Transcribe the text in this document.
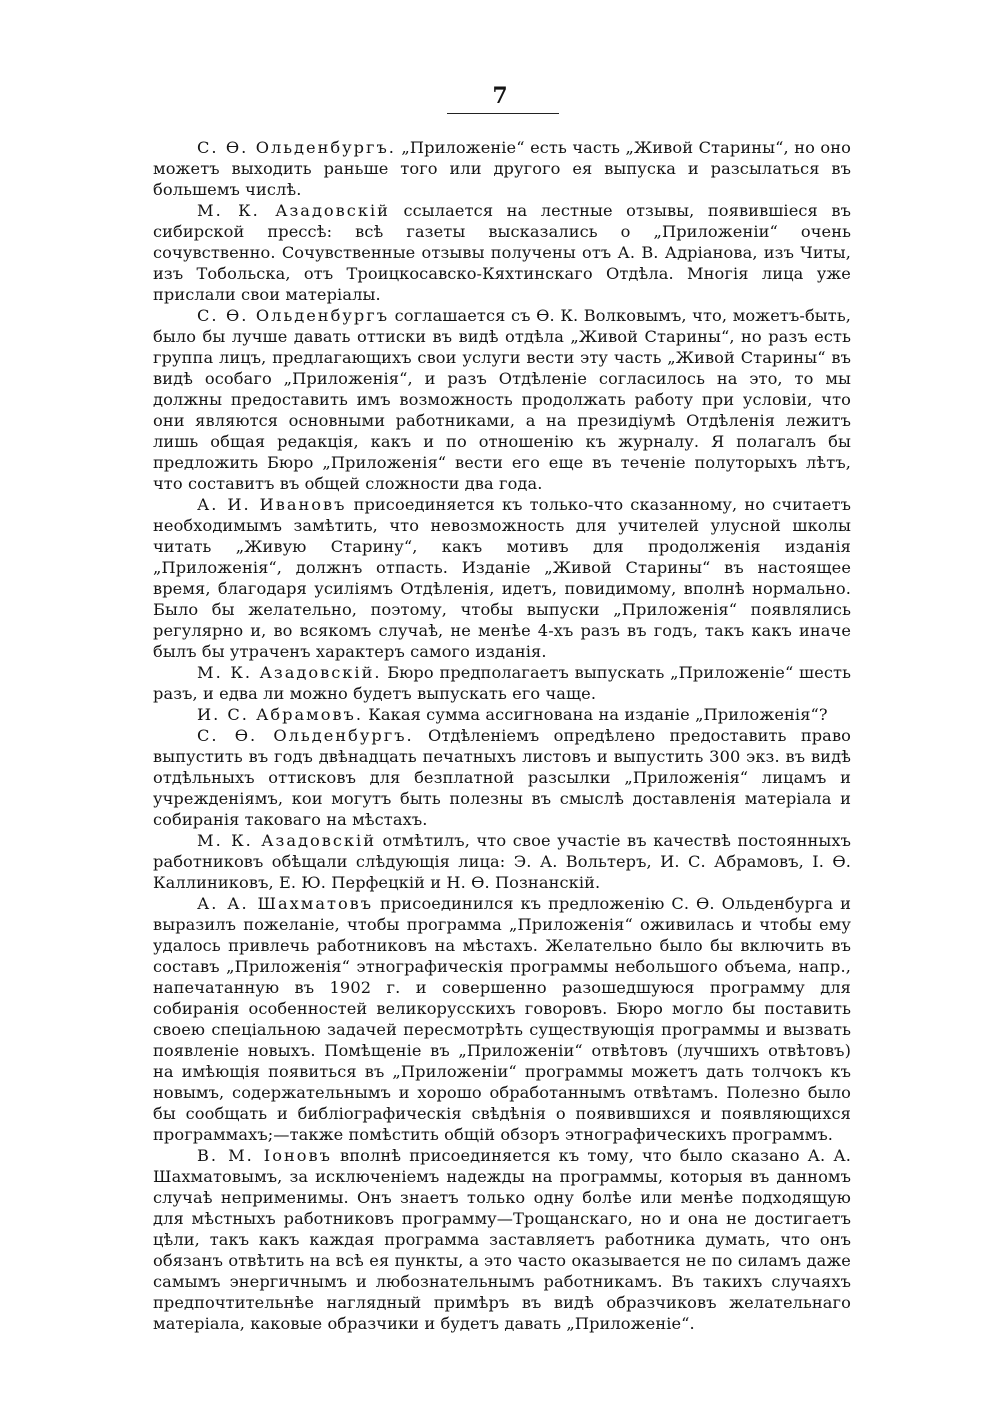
7

С. Ѳ. Ольденбургъ. „Приложеніе“ есть часть „Живой Старины“, но оно можетъ выходить раньше того или другого ея выпуска и разсылаться въ большемъ числѣ.

М. К. Азадовскій ссылается на лестные отзывы, появившіеся въ сибирской прессѣ: всѣ газеты высказались о „Приложеніи“ очень сочувственно. Сочувственные отзывы получены отъ А. В. Адріанова, изъ Читы, изъ Тобольска, отъ Троицкосавско-Кяхтинскаго Отдѣла. Многія лица уже прислали свои матеріалы.

С. Ѳ. Ольденбургъ соглашается съ Ѳ. К. Волковымъ, что, можетъ-быть, было бы лучше давать оттиски въ видѣ отдѣла „Живой Старины“, но разъ есть группа лицъ, предлагающихъ свои услуги вести эту часть „Живой Старины“ въ видѣ особаго „Приложенія“, и разъ Отдѣленіе согласилось на это, то мы должны предоставить имъ возможность продолжать работу при условіи, что они являются основными работниками, а на президіумѣ Отдѣленія лежитъ лишь общая редакція, какъ и по отношенію къ журналу. Я полагалъ бы предложить Бюро „Приложенія“ вести его еще въ теченіе полуторыхъ лѣтъ, что составитъ въ общей сложности два года.

А. И. Ивановъ присоединяется къ только-что сказанному, но считаетъ необходимымъ замѣтить, что невозможность для учителей улусной школы читать „Живую Старину“, какъ мотивъ для продолженія изданія „Приложенія“, должнъ отпасть. Изданіе „Живой Старины“ въ настоящее время, благодаря усиліямъ Отдѣленія, идетъ, повидимому, вполнѣ нормально. Было бы желательно, поэтому, чтобы выпуски „Приложенія“ появлялись регулярно и, во всякомъ случаѣ, не менѣе 4-хъ разъ въ годъ, такъ какъ иначе былъ бы утраченъ характеръ самого изданія.

М. К. Азадовскій. Бюро предполагаетъ выпускать „Приложеніе“ шесть разъ, и едва ли можно будетъ выпускать его чаще.

И. С. Абрамовъ. Какая сумма ассигнована на изданіе „Приложенія“?

С. Ѳ. Ольденбургъ. Отдѣленіемъ опредѣлено предоставить право выпустить въ годъ двѣнадцать печатныхъ листовъ и выпустить 300 экз. въ видѣ отдѣльныхъ оттисковъ для безплатной разсылки „Приложенія“ лицамъ и учрежденіямъ, кои могутъ быть полезны въ смыслѣ доставленія матеріала и собиранія таковаго на мѣстахъ.

М. К. Азадовскій отмѣтилъ, что свое участіе въ качествѣ постоянныхъ работниковъ обѣщали слѣдующія лица: Э. А. Вольтеръ, И. С. Абрамовъ, І. Ѳ. Каллиниковъ, Е. Ю. Перфецкій и Н. Ѳ. Познанскій.

А. А. Шахматовъ присоединился къ предложенію С. Ѳ. Ольденбурга и выразилъ пожеланіе, чтобы программа „Приложенія“ оживилась и чтобы ему удалось привлечь работниковъ на мѣстахъ. Желательно было бы включить въ составъ „Приложенія“ этнографическія программы небольшого объема, напр., напечатанную въ 1902 г. и совершенно разошедшуюся программу для собиранія особенностей великорусскихъ говоровъ. Бюро могло бы поставить своею спеціальною задачей пересмотрѣть существующія программы и вызвать появленіе новыхъ. Помѣщеніе въ „Приложеніи“ отвѣтовъ (лучшихъ отвѣтовъ) на имѣющія появиться въ „Приложеніи“ программы можетъ дать толчокъ къ новымъ, содержательнымъ и хорошо обработаннымъ отвѣтамъ. Полезно было бы сообщать и библіографическія свѣдѣнія о появившихся и появляющихся программахъ;—также помѣстить общій обзоръ этнографическихъ программъ.

В. М. Іоновъ вполнѣ присоединяется къ тому, что было сказано А. А. Шахматовымъ, за исключеніемъ надежды на программы, которыя въ данномъ случаѣ неприменимы. Онъ знаетъ только одну болѣе или менѣе подходящую для мѣстныхъ работниковъ программу—Трощанскаго, но и она не достигаетъ цѣли, такъ какъ каждая программа заставляетъ работника думать, что онъ обязанъ отвѣтить на всѣ ея пункты, а это часто оказывается не по силамъ даже самымъ энергичнымъ и любознательнымъ работникамъ. Въ такихъ случаяхъ предпочтительнѣе наглядный примѣръ въ видѣ образчиковъ желательнаго матеріала, каковые образчики и будетъ давать „Приложеніе“.
